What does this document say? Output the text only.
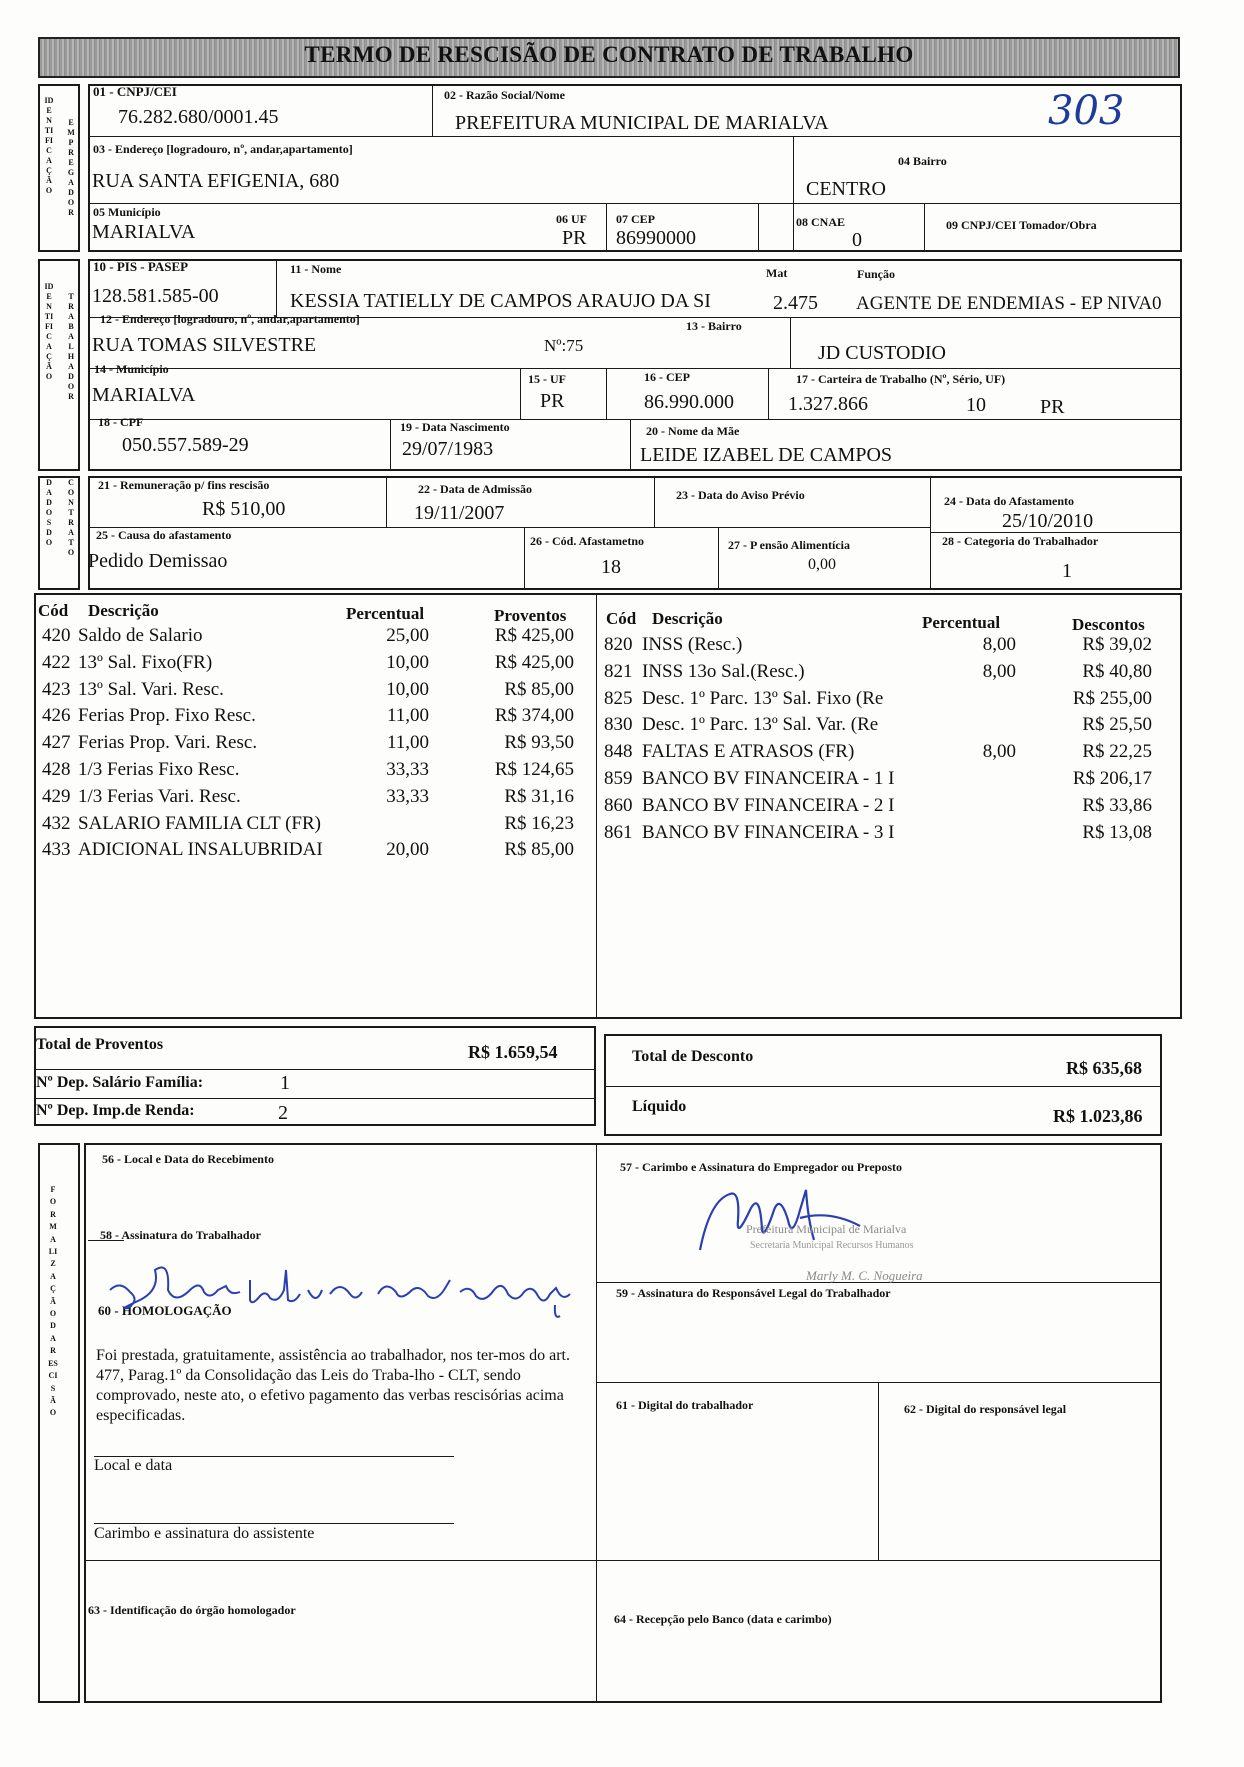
TERMO DE RESCISÃO DE CONTRATO DE TRABALHO
IDENTIFICAÇÃO
EMPREGADOR
01 - CNPJ/CEI
76.282.680/0001.45
02 - Razão Social/Nome
PREFEITURA MUNICIPAL DE MARIALVA	303
03 - Endereço [logradouro, nº, andar,apartamento]
RUA SANTA EFIGENIA, 680
04 Bairro
CENTRO
05 Município
MARIALVA
06 UF
PR
07 CEP
86990000
08 CNAE
0
09 CNPJ/CEI Tomador/Obra
IDENTIFICAÇÃO
TRABALHADOR
10 - PIS - PASEP
128.581.585-00
11 - Nome
KESSIA TATIELLY DE CAMPOS ARAUJO DA SI
Mat
2.475
Função
AGENTE DE ENDEMIAS - EP NIVA0
12 - Endereço [logradouro, nº, andar,apartamento]
RUA TOMAS SILVESTRE	Nº:75
13 - Bairro
JD CUSTODIO
14 - Município
MARIALVA
15 - UF
PR
16 - CEP
86.990.000
17 - Carteira de Trabalho (Nº, Sério, UF)
1.327.866	10	PR
18 - CPF
050.557.589-29
19 - Data Nascimento
29/07/1983
20 - Nome da Mãe
LEIDE IZABEL DE CAMPOS
DADOS
DO
CONTRATO
21 - Remuneração p/ fins rescisão
R$ 510,00
22 - Data de Admissão
19/11/2007
23 - Data do Aviso Prévio	24 - Data do Afastamento
25/10/2010
25 - Causa do afastamento
Pedido Demissao
26 - Cód. Afastametno
18
27 - P ensão Alimentícia
0,00
28 - Categoria do Trabalhador
1
Cód Descrição	Percentual	Proventos
420 Saldo de Salario	25,00	R$ 425,00
422 13º Sal. Fixo(FR)	10,00	R$ 425,00
423 13º Sal. Vari. Resc.	10,00	R$ 85,00
426 Ferias Prop. Fixo Resc.	11,00	R$ 374,00
427 Ferias Prop. Vari. Resc.	11,00	R$ 93,50
428 1/3 Ferias Fixo Resc.	33,33	R$ 124,65
429 1/3 Ferias Vari. Resc.	33,33	R$ 31,16
432 SALARIO FAMILIA CLT (FR)	R$ 16,23
433 ADICIONAL INSALUBRIDAI	20,00	R$ 85,00
Cód Descrição	Percentual	Descontos
820 INSS (Resc.)	8,00	R$ 39,02
821 INSS 13o Sal.(Resc.)	8,00	R$ 40,80
825 Desc. 1º Parc. 13º Sal. Fixo (Re	R$ 255,00
830 Desc. 1º Parc. 13º Sal. Var. (Re	R$ 25,50
848 FALTAS E ATRASOS (FR)	8,00	R$ 22,25
859 BANCO BV FINANCEIRA - 1 I	R$ 206,17
860 BANCO BV FINANCEIRA - 2 I	R$ 33,86
861 BANCO BV FINANCEIRA - 3 I	R$ 13,08
Total de Proventos	R$ 1.659,54
Nº Dep. Salário Família:	1
Nº Dep. Imp.de Renda:	2
Total de Desconto
R$ 635,68
Líquido	R$ 1.023,86
FORMALIZAÇÃO DA RESCISÃO
56 - Local e Data do Recebimento
57 - Carimbo e Assinatura do Empregador ou Preposto
58 - Assinatura do Trabalhador
59 - Assinatura do Responsável Legal do Trabalhador
60 - HOMOLOGAÇÃO
Foi prestada, gratuitamente, assistência ao trabalhador, nos ter-mos do art. 477, Parag.1º da Consolidação das Leis do Traba-lho - CLT, sendo comprovado, neste ato, o efetivo pagamento das verbas rescisórias acima especificadas.
Local e data
Carimbo e assinatura do assistente
61 - Digital do trabalhador	62 - Digital do responsável legal
63 - Identificação do órgão homologador
64 - Recepção pelo Banco (data e carimbo)
Prefeitura Municipal de Marialva
Secretaria Municipal Recursos Humanos
Marly M. C. Nogueira
